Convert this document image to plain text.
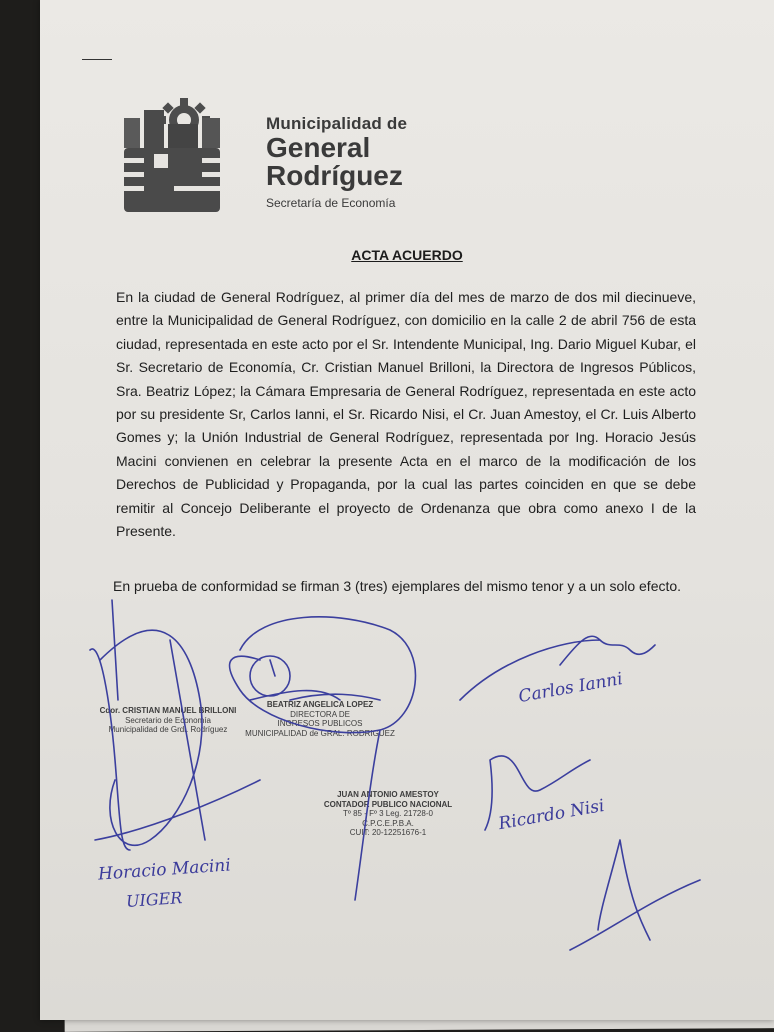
Municipalidad de
General
Rodríguez
Secretaría de Economía
ACTA ACUERDO
En la ciudad de General Rodríguez, al primer día del mes de marzo de dos mil diecinueve, entre la Municipalidad de General Rodríguez, con domicilio en la calle 2 de abril 756 de esta ciudad, representada en este acto por el Sr. Intendente Municipal, Ing. Dario Miguel Kubar, el Sr. Secretario de Economía, Cr. Cristian Manuel Brilloni, la Directora de Ingresos Públicos, Sra. Beatriz López; la Cámara Empresaria de General Rodríguez, representada en este acto por su presidente Sr, Carlos Ianni, el Sr. Ricardo Nisi, el Cr. Juan Amestoy, el Cr. Luis Alberto Gomes y; la Unión Industrial de General Rodríguez, representada por Ing. Horacio Jesús Macini convienen en celebrar la presente Acta en el marco de la modificación de los Derechos de Publicidad y Propaganda, por la cual las partes coinciden en que se debe remitir al Concejo Deliberante el proyecto de Ordenanza que obra como anexo I de la Presente.
En prueba de conformidad se firman 3 (tres) ejemplares del mismo tenor y a un solo efecto.
Cdor. CRISTIAN MANUEL BRILLONI
Secretario de Economía
Municipalidad de Grdl. Rodríguez
BEATRIZ ANGELICA LOPEZ
DIRECTORA DE
INGRESOS PUBLICOS
MUNICIPALIDAD de GRAL. RODRIGUEZ
JUAN ANTONIO AMESTOY
CONTADOR PUBLICO NACIONAL
Tº 85 - Fº 3 Leg. 21728-0
C.P.C.E.P.B.A.
CUIT: 20-12251676-1
Carlos Ianni
Ricardo Nisi
Horacio Macini
UIGER
